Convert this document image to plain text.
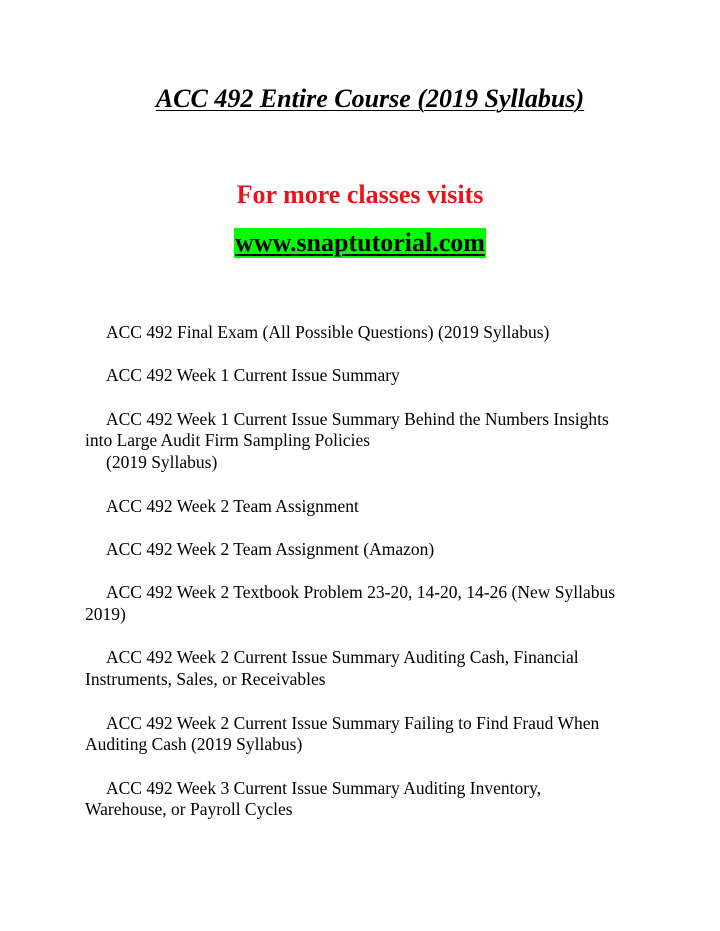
ACC 492 Entire Course (2019 Syllabus)
For more classes visits
www.snaptutorial.com
ACC 492 Final Exam (All Possible Questions) (2019 Syllabus)
ACC 492 Week 1 Current Issue Summary
ACC 492 Week 1 Current Issue Summary Behind the Numbers Insights into Large Audit Firm Sampling Policies
(2019 Syllabus)
ACC 492 Week 2 Team Assignment
ACC 492 Week 2 Team Assignment (Amazon)
ACC 492 Week 2 Textbook Problem 23-20, 14-20, 14-26 (New Syllabus 2019)
ACC 492 Week 2 Current Issue Summary Auditing Cash, Financial Instruments, Sales, or Receivables
ACC 492 Week 2 Current Issue Summary Failing to Find Fraud When Auditing Cash (2019 Syllabus)
ACC 492 Week 3 Current Issue Summary Auditing Inventory, Warehouse, or Payroll Cycles
